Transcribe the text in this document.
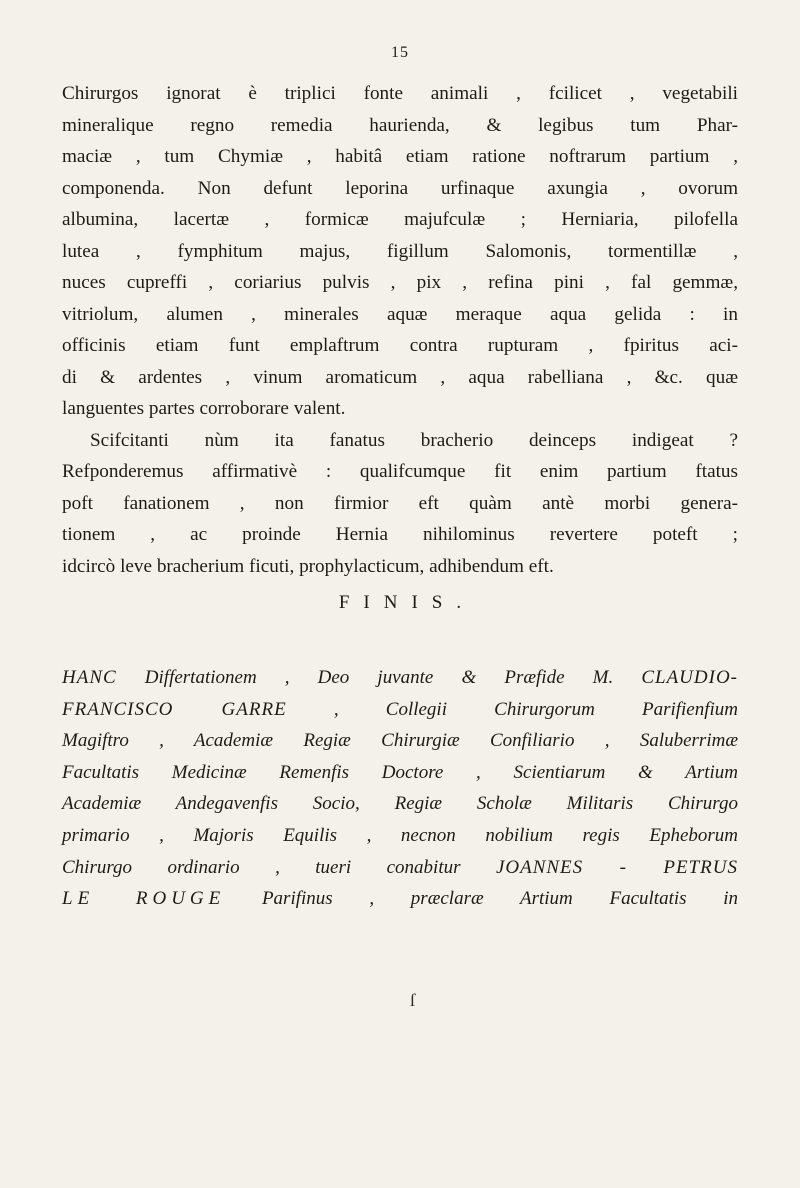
15

Chirurgos ignorat è triplici fonte animali , fcilicet , vegetabili

mineralique regno remedia haurienda, & legibus tum Phar-

maciæ , tum Chymiæ , habitâ etiam ratione noftrarum partium ,

componenda. Non defunt leporina urfinaque axungia , ovorum

albumina, lacertæ , formicæ majufculæ ; Herniaria, pilofella

lutea , fymphitum majus, figillum Salomonis, tormentillæ ,

nuces cupreffi , coriarius pulvis , pix , refina pini , fal gemmæ,

vitriolum, alumen , minerales aquæ meraque aqua gelida : in

officinis etiam funt emplaftrum contra rupturam , fpiritus aci-

di & ardentes , vinum aromaticum , aqua rabelliana , &c. quæ

languentes partes corroborare valent.

Scifcitanti nùm ita fanatus bracherio deinceps indigeat ?

Refponderemus affirmativè : qualifcumque fit enim partium ftatus

poft fanationem , non firmior eft quàm antè morbi genera-

tionem , ac proinde Hernia nihilominus revertere poteft ;

idcircò leve bracherium ficuti, prophylacticum, adhibendum eft.

FINIS.

HANC Differtationem , Deo juvante & Præfide M. CLAUDIO-

FRANCISCO GARRE , Collegii Chirurgorum Parifienfium

Magiftro , Academiæ Regiæ Chirurgiæ Confiliario , Saluberrimæ

Facultatis Medicinæ Remenfis Doctore , Scientiarum & Artium

Academiæ Andegavenfis Socio, Regiæ Scholæ Militaris Chirurgo

primario , Majoris Equilis , necnon nobilium regis Epheborum

Chirurgo ordinario , tueri conabitur JOANNES - PETRUS

LE ROUGE Parifinus , præclaræ Artium Facultatis in

ſ
